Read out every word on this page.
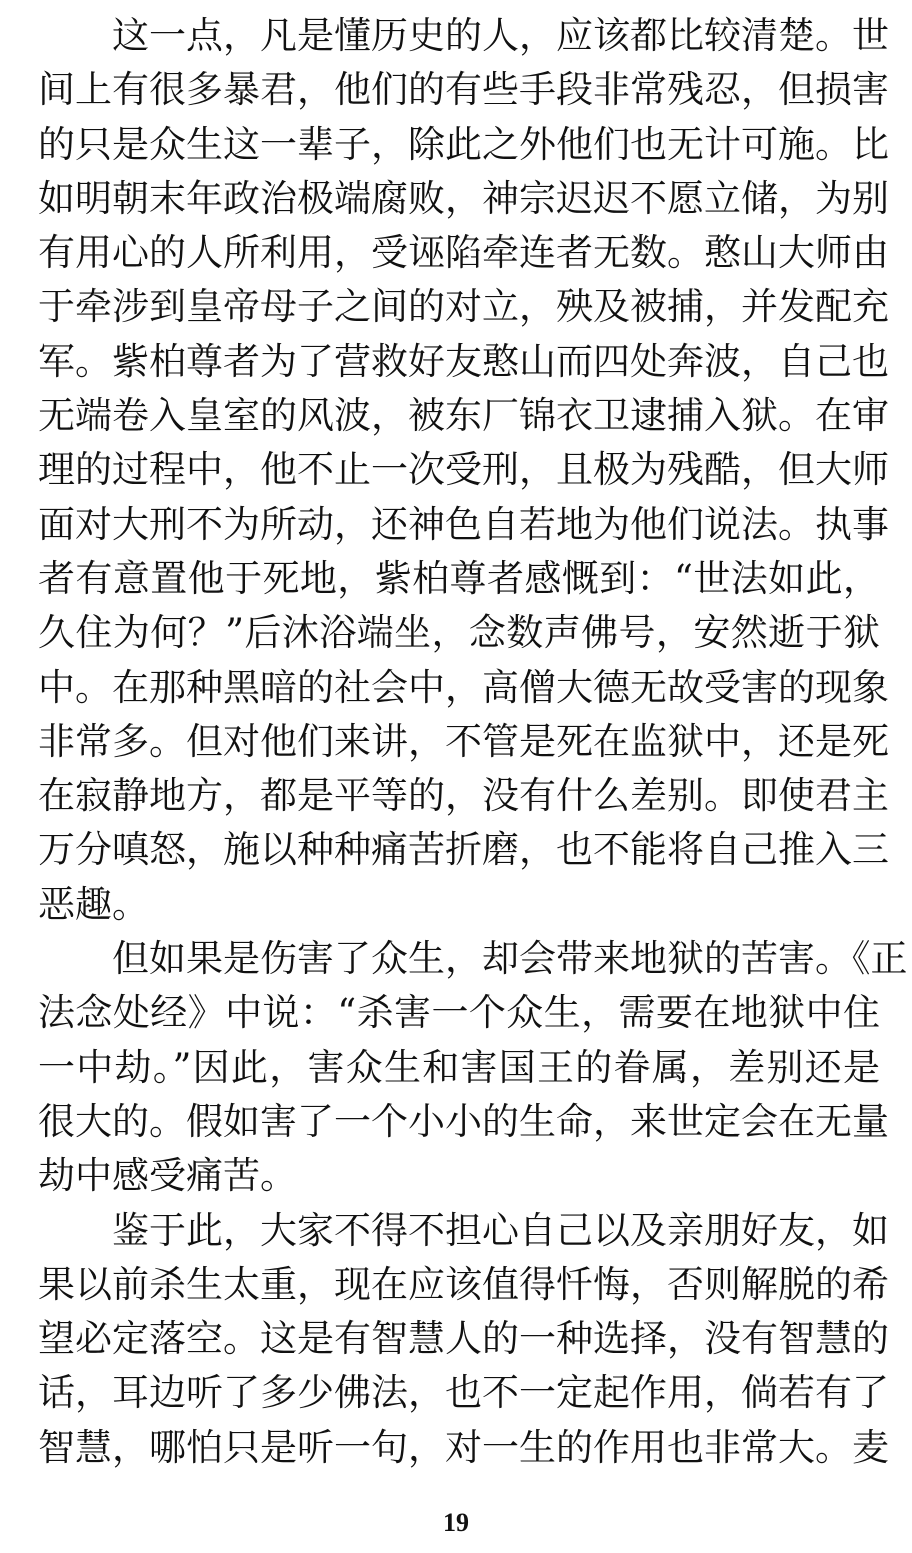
这一点，凡是懂历史的人，应该都比较清楚。世
间上有很多暴君，他们的有些手段非常残忍，但损害
的只是众生这一辈子，除此之外他们也无计可施。比
如明朝末年政治极端腐败，神宗迟迟不愿立储，为别
有用心的人所利用，受诬陷牵连者无数。憨山大师由
于牵涉到皇帝母子之间的对立，殃及被捕，并发配充
军。紫柏尊者为了营救好友憨山而四处奔波，自己也
无端卷入皇室的风波，被东厂锦衣卫逮捕入狱。在审
理的过程中，他不止一次受刑，且极为残酷，但大师
面对大刑不为所动，还神色自若地为他们说法。执事
者有意置他于死地，紫柏尊者感慨到：“世法如此，
久住为何？”后沐浴端坐，念数声佛号，安然逝于狱
中。在那种黑暗的社会中，高僧大德无故受害的现象
非常多。但对他们来讲，不管是死在监狱中，还是死
在寂静地方，都是平等的，没有什么差别。即使君主
万分嗔怒，施以种种痛苦折磨，也不能将自己推入三
恶趣。
但如果是伤害了众生，却会带来地狱的苦害。《正
法念处经》中说：“杀害一个众生，需要在地狱中住
一中劫。”因此，害众生和害国王的眷属，差别还是
很大的。假如害了一个小小的生命，来世定会在无量
劫中感受痛苦。
鉴于此，大家不得不担心自己以及亲朋好友，如
果以前杀生太重，现在应该值得忏悔，否则解脱的希
望必定落空。这是有智慧人的一种选择，没有智慧的
话，耳边听了多少佛法，也不一定起作用，倘若有了
智慧，哪怕只是听一句，对一生的作用也非常大。麦
19
